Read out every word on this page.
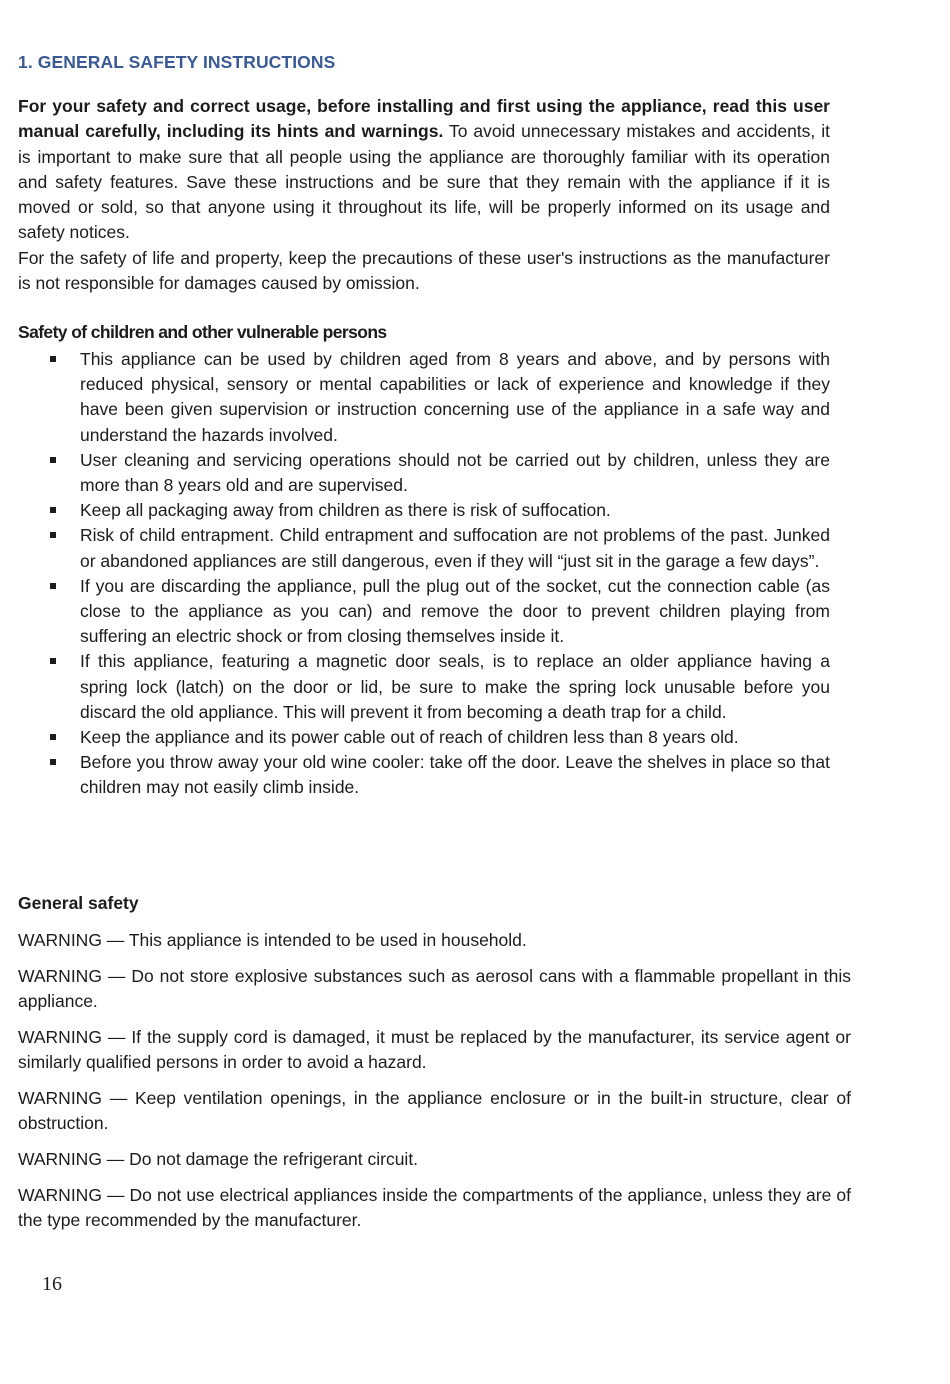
1. GENERAL SAFETY INSTRUCTIONS

For your safety and correct usage, before installing and first using the appliance, read this user manual carefully, including its hints and warnings. To avoid unnecessary mistakes and accidents, it is important to make sure that all people using the appliance are thoroughly familiar with its operation and safety features. Save these instructions and be sure that they remain with the appliance if it is moved or sold, so that anyone using it throughout its life, will be properly informed on its usage and safety notices.

For the safety of life and property, keep the precautions of these user's instructions as the manufacturer is not responsible for damages caused by omission.

Safety of children and other vulnerable persons
This appliance can be used by children aged from 8 years and above, and by persons with reduced physical, sensory or mental capabilities or lack of experience and knowledge if they have been given supervision or instruction concerning use of the appliance in a safe way and understand the hazards involved.
User cleaning and servicing operations should not be carried out by children, unless they are more than 8 years old and are supervised.
Keep all packaging away from children as there is risk of suffocation.
Risk of child entrapment. Child entrapment and suffocation are not problems of the past. Junked or abandoned appliances are still dangerous, even if they will “just sit in the garage a few days”.
If you are discarding the appliance, pull the plug out of the socket, cut the connection cable (as close to the appliance as you can) and remove the door to prevent children playing from suffering an electric shock or from closing themselves inside it.
If this appliance, featuring a magnetic door seals, is to replace an older appliance having a spring lock (latch) on the door or lid, be sure to make the spring lock unusable before you discard the old appliance. This will prevent it from becoming a death trap for a child.
Keep the appliance and its power cable out of reach of children less than 8 years old.
Before you throw away your old wine cooler: take off the door. Leave the shelves in place so that children may not easily climb inside.
General safety

WARNING — This appliance is intended to be used in household.

WARNING — Do not store explosive substances such as aerosol cans with a flammable propellant in this appliance.

WARNING — If the supply cord is damaged, it must be replaced by the manufacturer, its service agent or similarly qualified persons in order to avoid a hazard.

WARNING — Keep ventilation openings, in the appliance enclosure or in the built-in structure, clear of obstruction.

WARNING — Do not damage the refrigerant circuit.

WARNING — Do not use electrical appliances inside the compartments of the appliance, unless they are of the type recommended by the manufacturer.

16
